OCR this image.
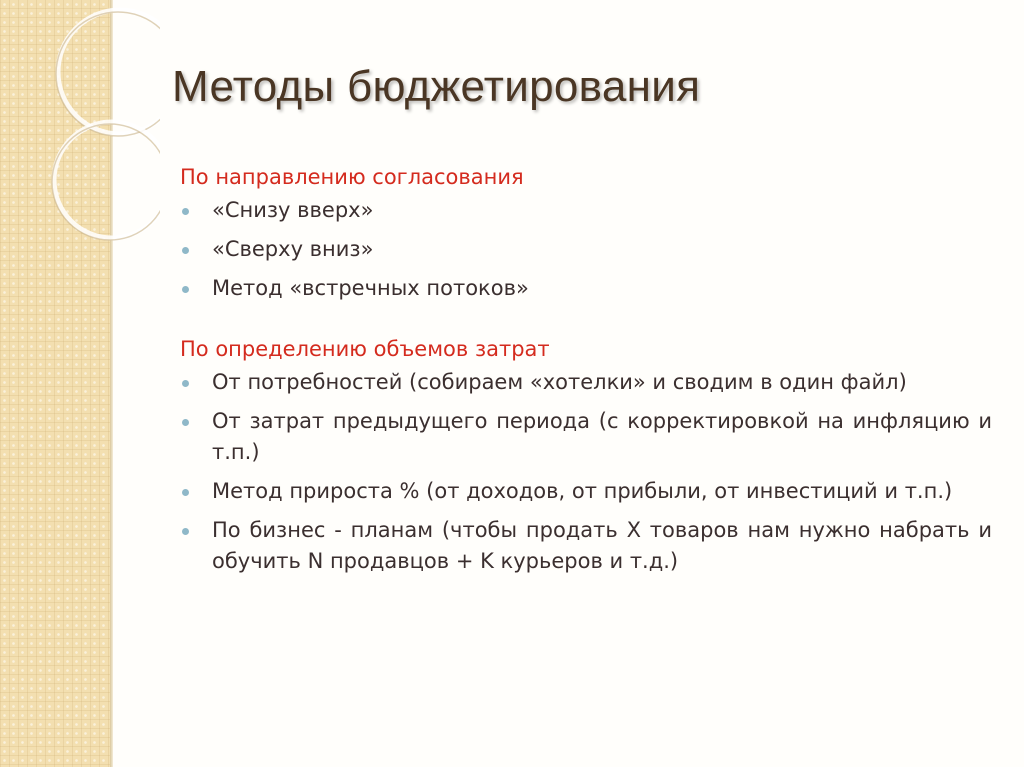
Методы бюджетирования

По направлению согласования

«Снизу вверх»
«Сверху вниз»
Метод «встречных потоков»

По определению объемов затрат

От потребностей (собираем «хотелки» и сводим в один файл)
От затрат предыдущего периода (с корректировкой на инфляцию и т.п.)
Метод прироста % (от доходов, от прибыли, от инвестиций и т.п.)
По бизнес - планам (чтобы продать X товаров нам нужно набрать и обучить N продавцов + K курьеров и т.д.)
